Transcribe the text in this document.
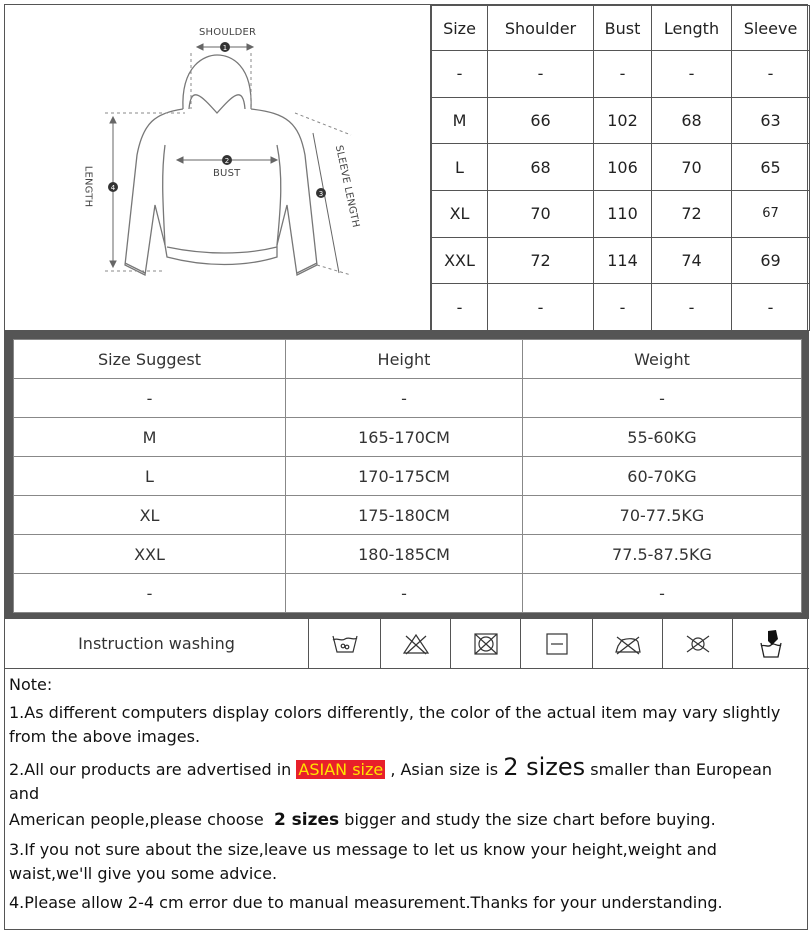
1
2
3
4
SHOULDER
BUST
LENGTH	SLEEVE LENGTH
Size	Shoulder	Bust	Length	Sleeve
-	-	-	-	-
M	66	102	68	63
L	68	106	70	65
XL	70	110	72	67
XXL	72	114	74	69
-	-	-	-	-
Size Suggest	Height	Weight
-	-	-
M	165-170CM	55-60KG
L	170-175CM	60-70KG
XL	175-180CM	70-77.5KG
XXL	180-185CM	77.5-87.5KG
-	-	-
Instruction washing

Note:

1.As different computers display colors differently, the color of the actual item may vary slightly from the above images.

2.All our products are advertised in ASIAN size , Asian size is 2 sizes smaller than European and

American people,please choose 2 sizes bigger and study the size chart before buying.

3.If you not sure about the size,leave us message to let us know your height,weight and waist,we'll give you some advice.

4.Please allow 2-4 cm error due to manual measurement.Thanks for your understanding.
